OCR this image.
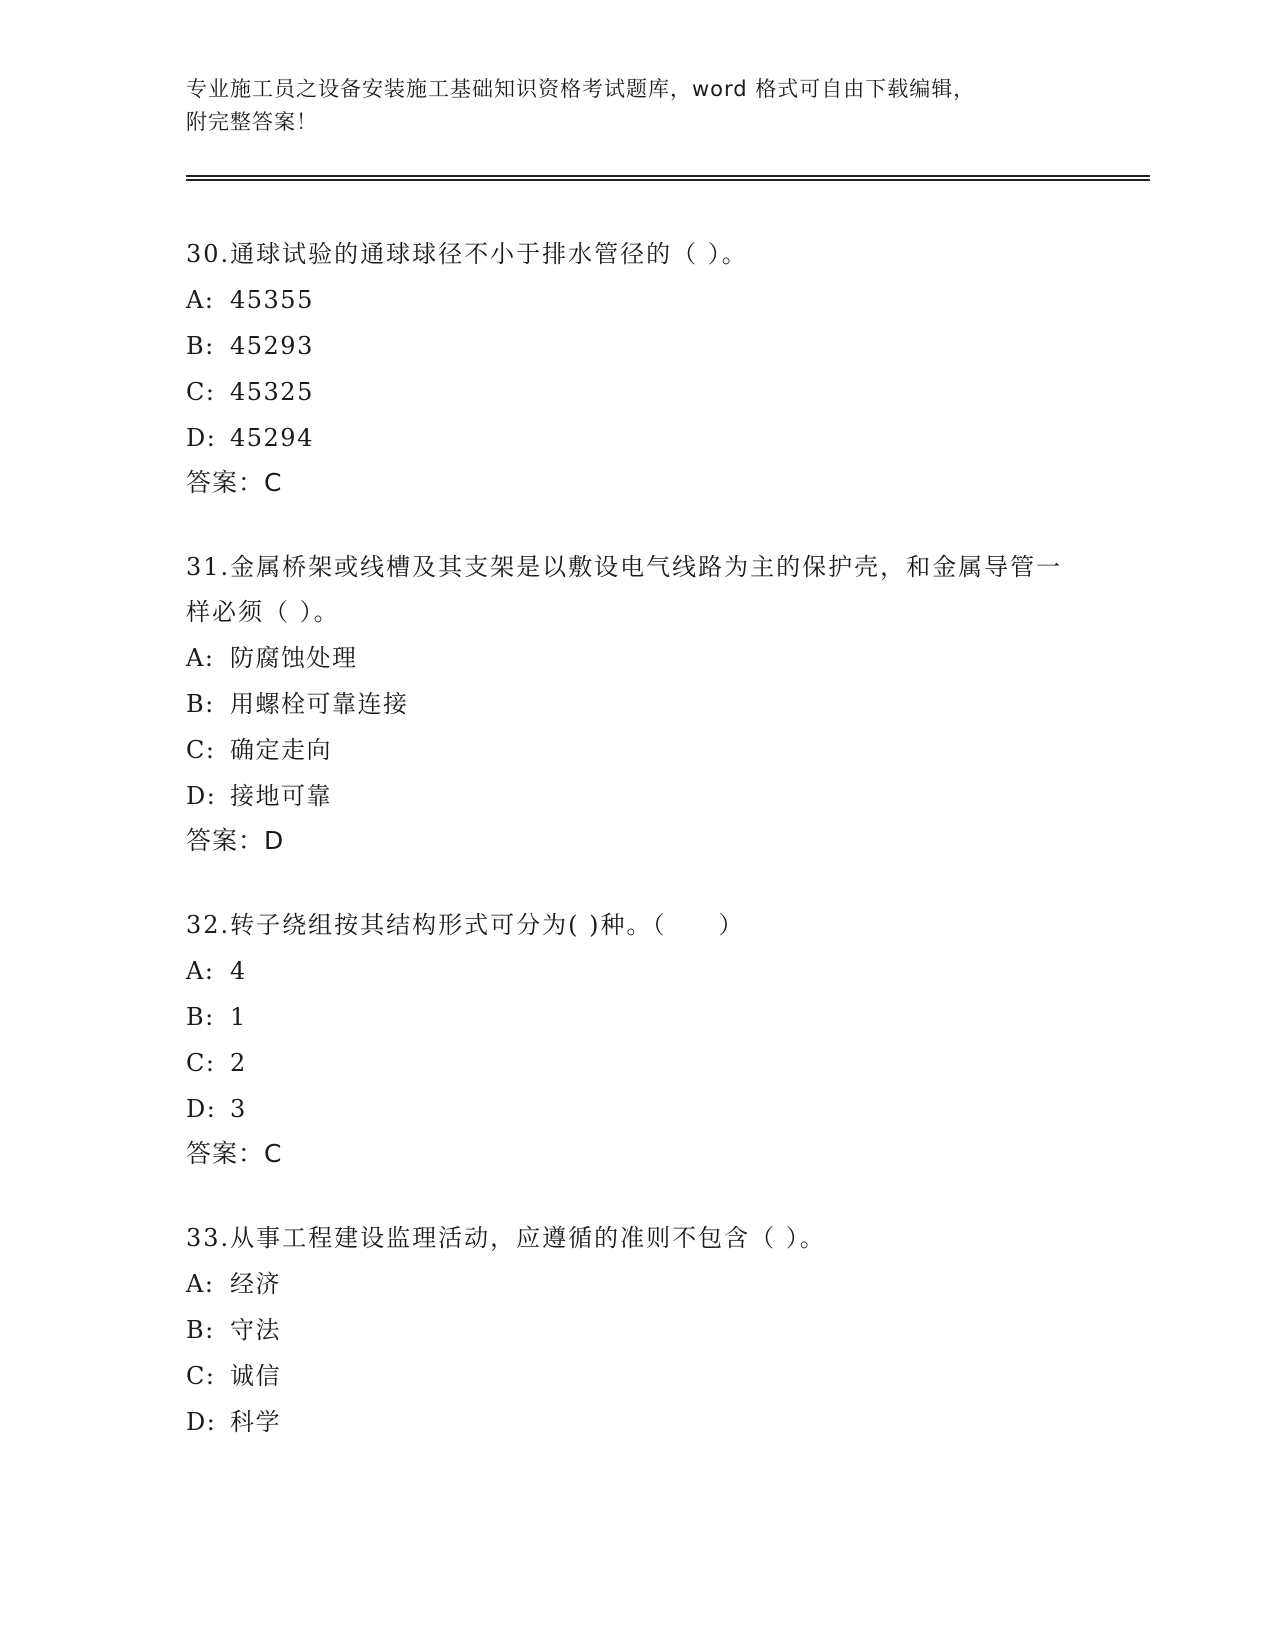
专业施工员之设备安装施工基础知识资格考试题库，word 格式可自由下载编辑，
附完整答案！

30.通球试验的通球球径不小于排水管径的（ ）。

A: 45355

B: 45293

C: 45325

D: 45294

答案：C

31.金属桥架或线槽及其支架是以敷设电气线路为主的保护壳，和金属导管一样必须（ ）。

A: 防腐蚀处理

B: 用螺栓可靠连接

C: 确定走向

D: 接地可靠

答案：D

32.转子绕组按其结构形式可分为( )种。（　　）

A: 4

B: 1

C: 2

D: 3

答案：C

33.从事工程建设监理活动，应遵循的准则不包含（ ）。

A: 经济

B: 守法

C: 诚信

D: 科学
